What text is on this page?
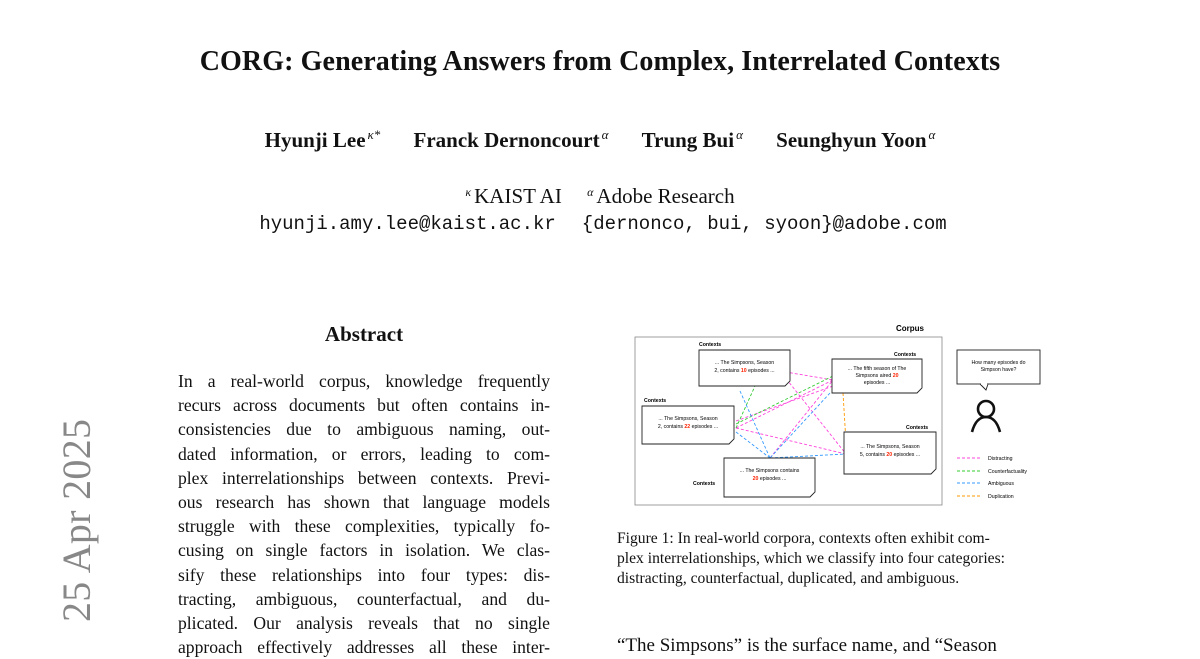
CORG: Generating Answers from Complex, Interrelated Contexts
Hyunji Lee $^{\kappa*}$ Franck Dernoncourt $^\alpha$ Trung Bui $^\alpha$ Seunghyun Yoon $^\alpha$
$^\kappa$ KAIST AI $^\alpha$ Adobe Research
hyunji.amy.lee@kaist.ac.kr {dernonco, bui, syoon}@adobe.com
25 Apr 2025
Abstract
In a real-world corpus, knowledge frequently
recurs across documents but often contains in-
consistencies due to ambiguous naming, out-
dated information, or errors, leading to com-
plex interrelationships between contexts. Previ-
ous research has shown that language models
struggle with these complexities, typically fo-
cusing on single factors in isolation. We clas-
sify these relationships into four types: dis-
tracting, ambiguous, counterfactual, and du-
plicated. Our analysis reveals that no single
approach effectively addresses all these inter-
Corpus
Contexts
... The Simpsons, Season
2, contains 10 episodes ...
Contexts
... The fifth season of The
Simpsons aired 20
episodes ...
Contexts
... The Simpsons, Season
2, contains 22 episodes ...	Contexts
... The Simpsons, Season
5, contains 20 episodes ...
Contexts
... The Simpsons contains
20 episodes ...
How many episodes do
Simpson have?
Distracting
Counterfactuality
Ambiguous
Duplication
Figure 1: In real-world corpora, contexts often exhibit com-
plex interrelationships, which we classify into four categories:
distracting, counterfactual, duplicated, and ambiguous.
“The Simpsons” is the surface name, and “Season
